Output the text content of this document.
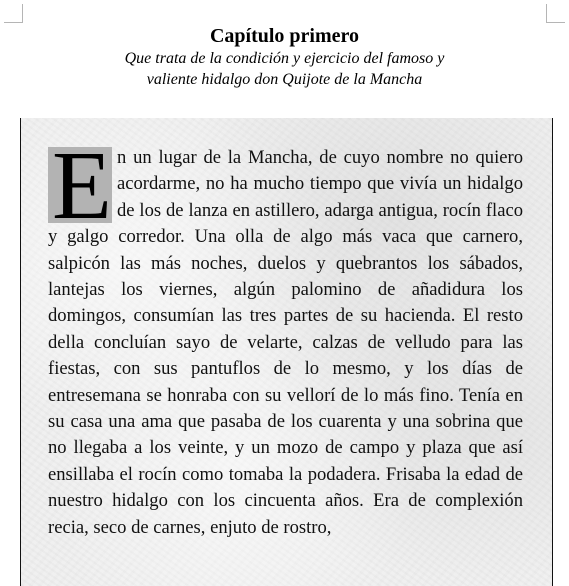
Capítulo primero

Que trata de la condición y ejercicio del famoso y

valiente hidalgo don Quijote de la Mancha

E n un lugar de la Mancha, de cuyo nombre no quiero acordarme, no ha mucho tiempo que vivía un hidalgo de los de lanza en astillero, adarga antigua, rocín flaco y galgo corredor. Una olla de algo más vaca que carnero, salpicón las más noches, duelos y quebrantos los sábados, lantejas los viernes, algún palomino de añadidura los domingos, consumían las tres partes de su hacienda. El resto della concluían sayo de velarte, calzas de velludo para las fiestas, con sus pantuflos de lo mesmo, y los días de entresemana se honraba con su vellorí de lo más fino. Tenía en su casa una ama que pasaba de los cuarenta y una sobrina que no llegaba a los veinte, y un mozo de campo y plaza que así ensillaba el rocín como tomaba la podadera. Frisaba la edad de nuestro hidalgo con los cincuenta años. Era de complexión recia, seco de carnes, enjuto de rostro,
